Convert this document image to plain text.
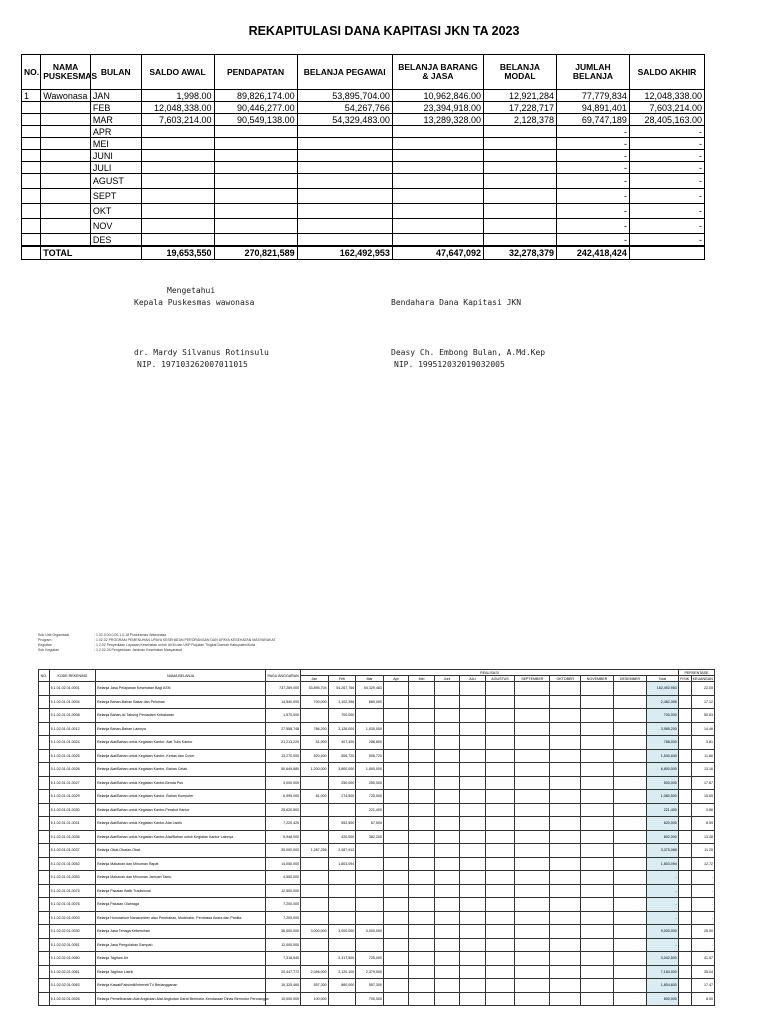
REKAPITULASI DANA KAPITASI JKN TA 2023
NO.	NAMA PUSKESMAS	BULAN	SALDO AWAL	PENDAPATAN	BELANJA PEGAWAI	BELANJA BARANG & JASA	BELANJA MODAL	JUMLAH BELANJA	SALDO AKHIR
1	Wawonasa	JAN	1,998.00	89,826,174.00	53,895,704.00	10,962,846.00	12,921,284	77,779,834	12,048,338.00
		FEB	12,048,338.00	90,446,277.00	54,267,766	23,394,918.00	17,228,717	94,891,401	7,603,214.00
		MAR	7,603,214.00	90,549,138.00	54,329,483.00	13,289,328.00	2,128,378	69,747,189	28,405,163.00
		APR						-	-
		MEI						-	-
		JUNI						-	-
		JULI						-	-
		AGUST						-	-
		SEPT						-	-
		OKT						-	-
		NOV						-	-
		DES						-	-
	TOTAL		19,653,550	270,821,589	162,492,953	47,647,092	32,278,379	242,418,424	
Mengetahui
Kepala Puskesmas wawonasa	Bendahara Dana Kapitasi JKN
dr. Mardy Silvanus Rotinsulu
NIP. 197103262007011015
Deasy Ch. Embong Bulan, A.Md.Kep
NIP. 199512032019032005
Sub Unit Organisasi	: 1.02.0.00.0.00.1.0.18 Puskesmas Wawonasa
Program	: 1.02.02 PROGRAM PEMENUHAN UPAYA KESEHATAN PERORANGAN DAN UPAYA KESEHATAN MASYARAKAT
Kegiatan	: 1.2.02 Penyediaan Layanan Kesehatan untuk UKM dan UKP Rujukan Tingkat Daerah Kabupaten/Kota
Sub Kegiatan	: 1.2.02.26 Pengelolaan Jaminan Kesehatan Masyarakat
NO.	KODE REKENING	NAMA BELANJA	PAGU ANGGARAN	REALISASI													PERSENTASE	
				Jan	Feb	Mar	Apr	Mei	Juni	JULI	AGUSTUS	SEPTEMBER	OKTOBER	NOVEMBER	DESEMBER	Total	FISIK	KEUANGAN
	5.1.01.02.01.0001	Belanja Jasa Pelayanan Kesehatan Bagi ASN	737,269,000	53,895,704	54,267,766	54,329,483										162,492,953		22.05
	5.1.02.01.01.0004	Belanja Bahan-Bahan Bakar dan Pelumas	14,540,000	700,000	1,102,396	680,000										2,482,396		17.12
	5.1.02.01.01.0008	Belanja Bahan-Isi Tabung Pemadam Kebakaran	1,570,000		700,000											700,000		50.63
	5.1.02.01.01.0012	Belanja Bahan-Bahan Lainnya	27,558,748	786,200	2,126,000	1,030,000										3,985,200		14.46
	5.1.02.01.01.0024	Belanja Alat/Bahan untuk Kegiatan Kantor- Alat Tulis Kantor	21,213,220	51,900	407,300	288,800										788,000		3.81
	5.1.02.01.01.0025	Belanja Alat/Bahan untuk Kegiatan Kantor- Kertas dan Cover	13,270,000	520,400	506,720	506,720										1,540,840		11.66
	5.1.02.01.01.0026	Belanja Alat/Bahan untuk Kegiatan Kantor- Bahan Cetak	50,649,880	1,200,000	3,800,000	1,800,000										6,800,000		13.16
	5.1.02.01.01.0027	Belanja Alat/Bahan untuk Kegiatan Kantor-Benda Pos	3,000,000		250,000	250,000										500,000		17.67
	5.1.02.01.01.0029	Belanja Alat/Bahan untuk Kegiatan Kantor- Bahan Komputer	6,995,000	81,000	274,500	725,000										1,080,500		15.65
	5.1.02.01.01.0030	Belanja Alat/Bahan untuk Kegiatan Kantor-Perabot Kantor	25,620,500			221,400										221,400		0.86
	5.1.02.01.01.0031	Belanja Alat/Bahan untuk Kegiatan Kantor-Alat Listrik	7,220,420		552,500	67,500										620,000		8.59
	5.1.02.01.01.0036	Belanja Alat/Bahan untuk Kegiatan Kantor-Alat/Bahan untuk Kegiatan Kantor Lainnya	5,948,000		420,000	382,200										802,000		13.48
	5.1.02.01.01.0037	Belanja Obat-Obatan-Obat	30,000,000	1,287,256	2,087,912											3,375,068		11.25
	5.1.02.01.01.0052	Belanja Makanan dan Minuman Rapat	14,050,000		1,803,094											1,803,094		12.72
	5.1.02.01.01.0053	Belanja Makanan dan Minuman Jamuan Tamu	4,550,000													-		-
	5.1.02.01.01.0075	Belanja Pakaian Batik Tradisional	12,500,000													-		-
	5.1.02.01.01.0076	Belanja Pakaian Olahraga	7,200,000													-		-
	5.1.02.02.01.0003	Belanja Honorarium Narasumber atau Pembahas, Moderator, Pembawa Acara dan Panitia	7,200,000													-		-
	5.1.02.02.01.0030	Belanja Jasa Tenaga Kebersihan	36,000,000	3,000,000	3,000,000	3,000,000										9,000,000		25.00
	5.1.02.02.01.0051	Belanja Jasa Pengolahan Sampah	12,000,000													-		-
	5.1.02.02.01.0060	Belanja Tagihan Air	7,318,540		2,317,500	725,000										3,042,500		41.57
	5.1.02.02.01.0061	Belanja Tagihan Listrik	20,447,772	2,046,000	2,120,100	2,379,000										7,184,000		35.04
	5.1.02.02.01.0063	Belanja Kawat/Faksimili/Internet/TV Berlangganan	10,325,460	557,300	860,000	557,300										1,804,600		17.47
	5.1.02.02.01.0026	Belanja Pemeliharaan Alat Angkutan-Alat Angkutan Darat Bermotor-Kendaraan Dinas Bermotor Perorangan	10,000,000	100,000		700,000										800,000		8.00
